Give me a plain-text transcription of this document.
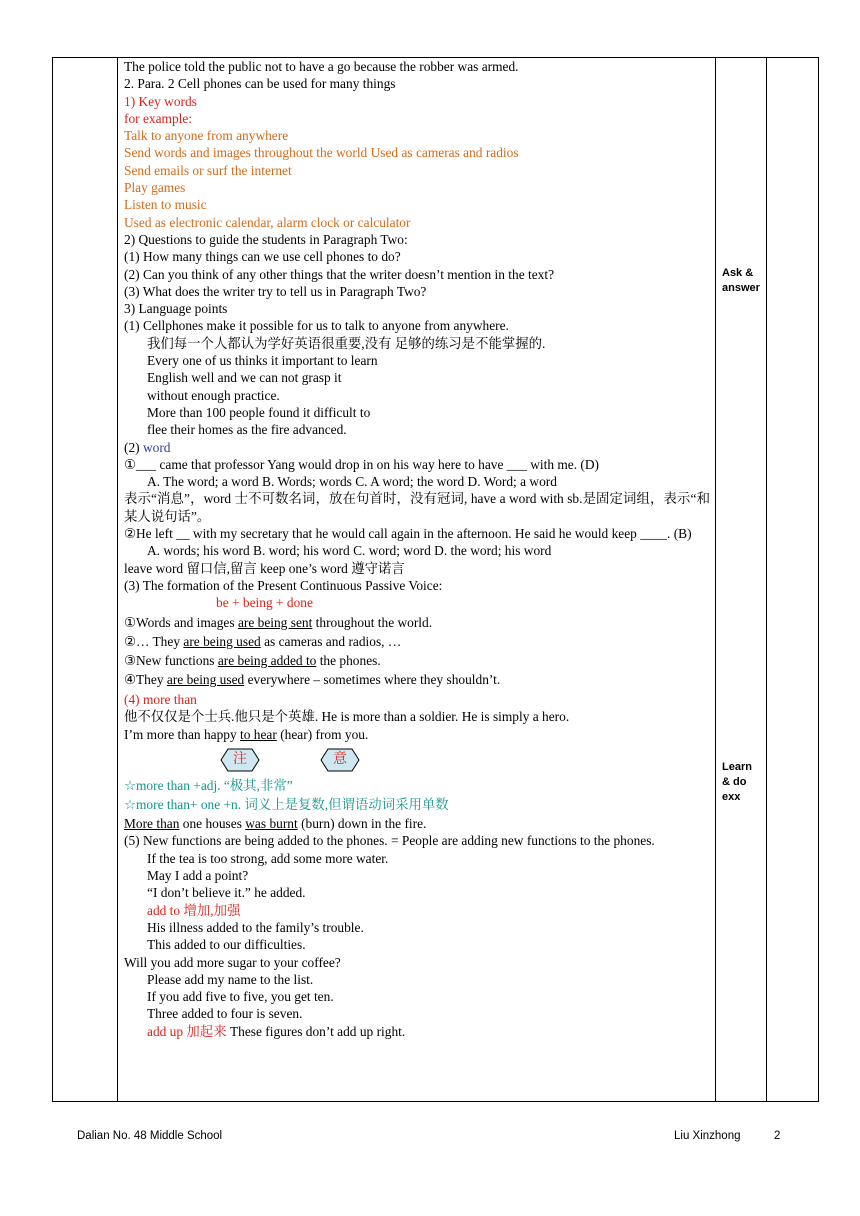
Ask & answer
Learn & do exx
The police told the public not to have a go because the robber was armed.
2. Para. 2 Cell phones can be used for many things
1) Key words
for example:
Talk to anyone from anywhere
Send words and images throughout the world Used as cameras and radios
Send emails or surf the internet
Play games
Listen to music
Used as electronic calendar, alarm clock or calculator
2) Questions to guide the students in Paragraph Two:
(1) How many things can we use cell phones to do?
(2) Can you think of any other things that the writer doesn’t mention in the text?
(3) What does the writer try to tell us in Paragraph Two?
3) Language points
(1) Cellphones make it possible for us to talk to anyone from anywhere.
我们每一个人都认为学好英语很重要,没有 足够的练习是不能掌握的.
Every one of us thinks it important to learn
English well and we can not grasp it
without enough practice.
More than 100 people found it difficult to
flee their homes as the fire advanced.
(2) word
①___ came that professor Yang would drop in on his way here to have ___ with me. (D)
A. The word; a word B. Words; words C. A word; the word D. Word; a word
表示“消息”，word 士不可数名词，放在句首时，没有冠词, have a word with sb.是固定词组，表示“和某人说句话”。
②He left __ with my secretary that he would call again in the afternoon. He said he would keep ____. (B)
A. words; his word B. word; his word C. word; word D. the word; his word
leave word 留口信,留言 keep one’s word 遵守诺言
(3) The formation of the Present Continuous Passive Voice:
be + being + done
①Words and images are being sent throughout the world.
②… They are being used as cameras and radios, …
③New functions are being added to the phones.
④They are being used everywhere – sometimes where they shouldn’t.
(4) more than
他不仅仅是个士兵.他只是个英雄. He is more than a soldier. He is simply a hero.
I’m more than happy to hear (hear) from you.
注	意
☆more than +adj. “极其,非常”
☆more than+ one +n. 词义上是复数,但谓语动词采用单数
More than one houses was burnt (burn) down in the fire.
(5) New functions are being added to the phones. = People are adding new functions to the phones.
If the tea is too strong, add some more water.
May I add a point?
“I don’t believe it.” he added.
add to 增加,加强
His illness added to the family’s trouble.
This added to our difficulties.
Will you add more sugar to your coffee?
Please add my name to the list.
If you add five to five, you get ten.
Three added to four is seven.
add up 加起来 These figures don’t add up right.
Dalian No. 48 Middle School	Liu Xinzhong	2
